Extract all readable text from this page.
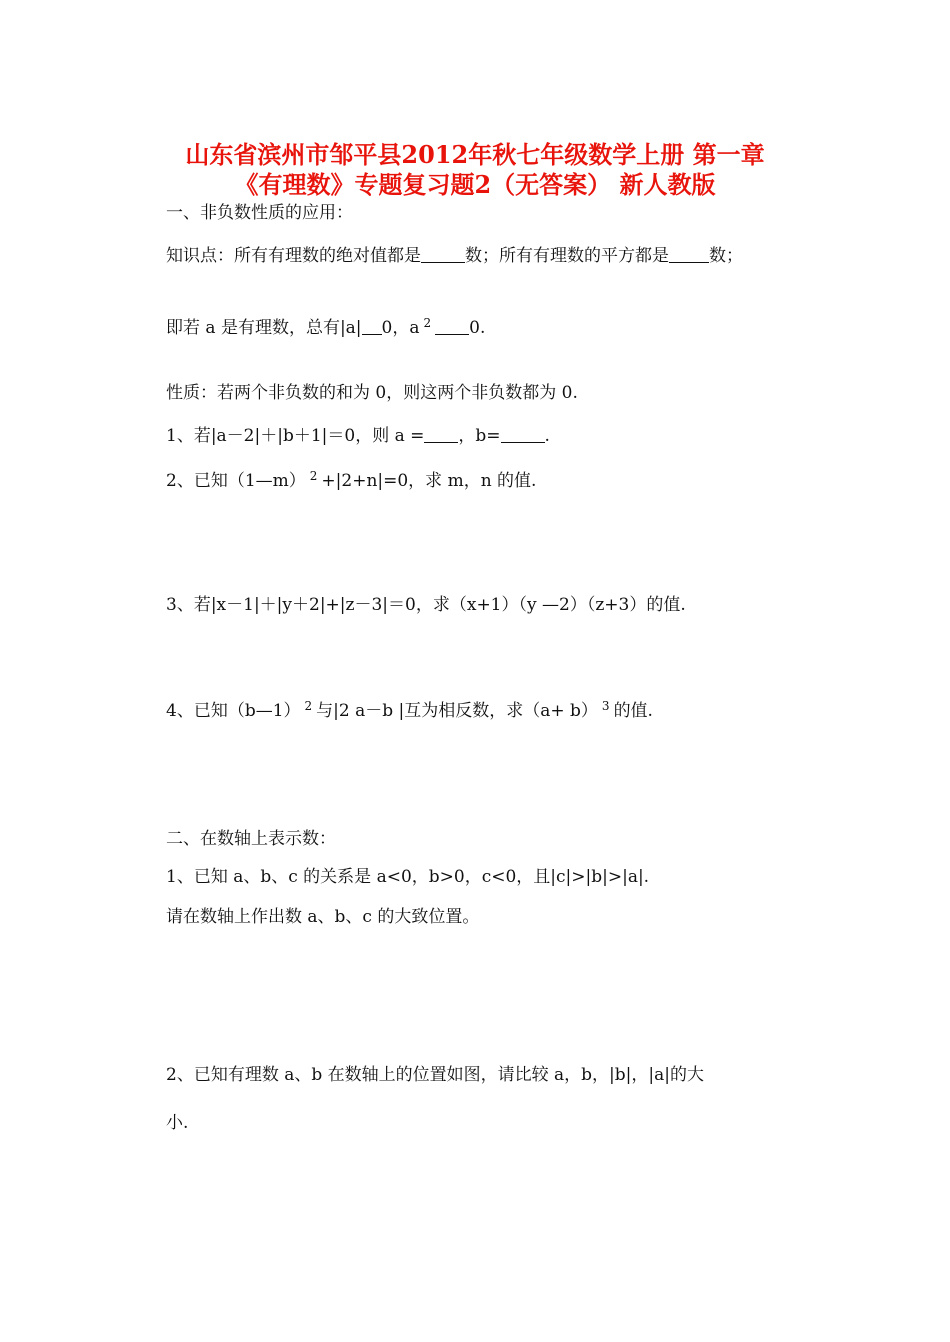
山东省滨州市邹平县2012年秋七年级数学上册 第一章
《有理数》专题复习题2（无答案） 新人教版
一、非负数性质的应用：
知识点：所有有理数的绝对值都是	数；所有有理数的平方都是 数；
即若 a 是有理数，总有|a| 0，a $^2$ 0.
性质：若两个非负数的和为 0，则这两个非负数都为 0.
1、若|a－2|＋|b＋1|＝0，则 a = ，b=	.
2、已知（1—m） $^2$ +|2+n|=0，求 m，n 的值.
3、若|x－1|＋|y＋2|+|z－3|＝0，求（x+1）（y —2）（z+3）的值.
4、已知（b—1） $^2$ 与|2 a－b |互为相反数，求（a+ b） $^3$ 的值.
二、在数轴上表示数：
1、已知 a、b、c 的关系是 a<0，b>0，c<0，且|c|>|b|>|a|.
请在数轴上作出数 a、b、c 的大致位置。
2、已知有理数 a、b 在数轴上的位置如图，请比较 a，b，|b|，|a|的大
小.
